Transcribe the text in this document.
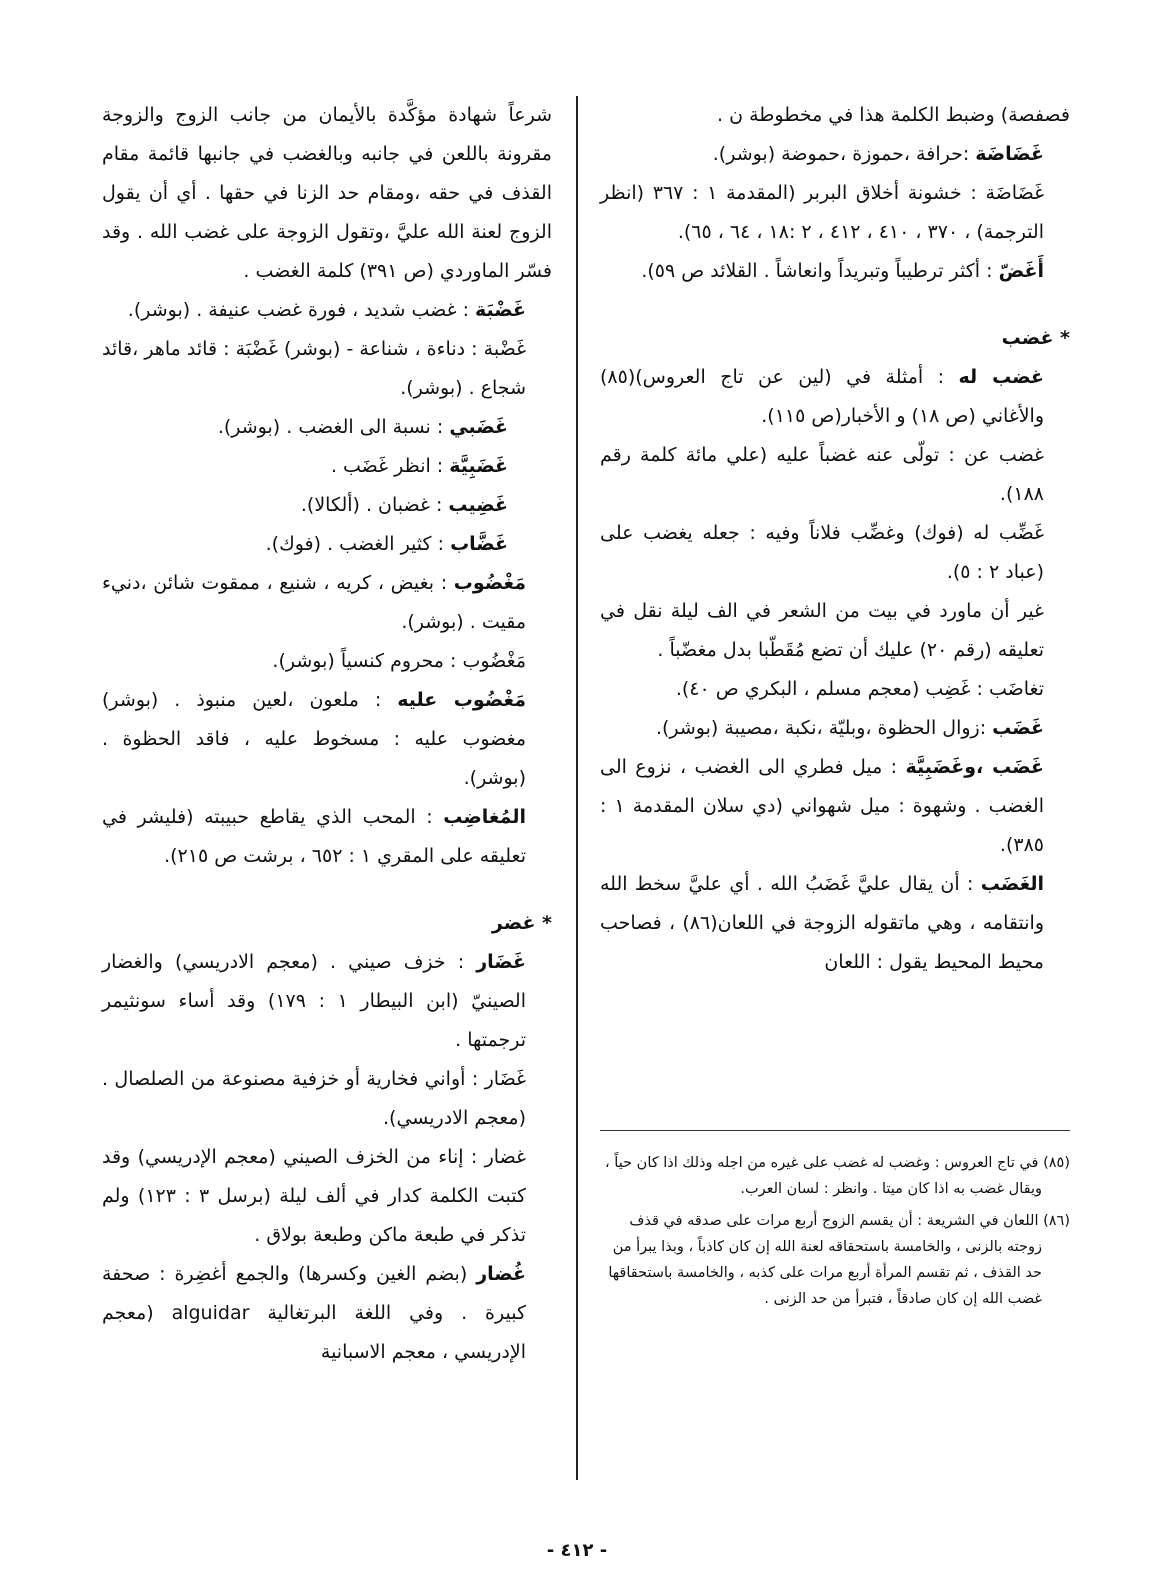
فصفصة) وضبط الكلمة هذا في مخطوطة ن .

غَضَاضَة :حرافة ،حموزة ،حموضة (بوشر).

غَضَاضَة : خشونة أخلاق البربر (المقدمة ١ : ٣٦٧ (انظر الترجمة) ، ٣٧٠ ، ٤١٠ ، ٤١٢ ، ٢ :١٨ ، ٦٤ ، ٦٥).

أَغَضّ : أكثر ترطيباً وتبريداً وانعاشاً . القلائد ص ٥٩).

* غضب

غضب له : أمثلة في (لين عن تاج العروس)(٨٥) والأغاني (ص ١٨) و الأخبار(ص ١١٥).

غضب عن : تولّى عنه غضباً عليه (علي مائة كلمة رقم ١٨٨).

غَضِّب له (فوك) وغضِّب فلاناً وفيه : جعله يغضب على (عباد ٢ : ٥).

غير أن ماورد في بيت من الشعر في الف ليلة نقل في تعليقه (رقم ٢٠) عليك أن تضع مُقَطّبا بدل مغضّباً .

تغاضَب : غَضِب (معجم مسلم ، البكري ص ٤٠).

غَضَب :زوال الحظوة ،وبليّة ،نكبة ،مصيبة (بوشر).

غَضَب ،وغَضَبِيَّة : ميل فطري الى الغضب ، نزوع الى الغضب . وشهوة : ميل شهواني (دي سلان المقدمة ١ : ٣٨٥).

الغَضَب : أن يقال عليَّ غَضَبُ الله . أي عليَّ سخط الله وانتقامه ، وهي ماتقوله الزوجة في اللعان(٨٦) ، فصاحب محيط المحيط يقول : اللعان

شرعاً شهادة مؤكَّدة بالأيمان من جانب الزوج والزوجة مقرونة باللعن في جانبه وبالغضب في جانبها قائمة مقام القذف في حقه ،ومقام حد الزنا في حقها . أي أن يقول الزوج لعنة الله عليَّ ،وتقول الزوجة على غضب الله . وقد فسّر الماوردي (ص ٣٩١) كلمة الغضب .

غَضْبَة : غضب شديد ، فورة غضب عنيفة . (بوشر).

غَضْبة : دناءة ، شناعة - (بوشر) غَضْبَة : قائد ماهر ،قائد شجاع . (بوشر).

غَضَبي : نسبة الى الغضب . (بوشر).

غَضَبِيَّة : انظر غَضَب .

غَضِيب : غضبان . (ألكالا).

غَضَّاب : كثير الغضب . (فوك).

مَغْضُوب : بغيض ، كريه ، شنيع ، ممقوت شائن ،دنيء مقيت . (بوشر).

مَغْضُوب : محروم كنسياً (بوشر).

مَغْضُوب عليه : ملعون ،لعين منبوذ . (بوشر) مغضوب عليه : مسخوط عليه ، فاقد الحظوة . (بوشر).

المُغاضِب : المحب الذي يقاطع حبيبته (فليشر في تعليقه على المقري ١ : ٦٥٢ ، برشت ص ٢١٥).

* غضر

غَضَار : خزف صيني . (معجم الادريسي) والغضار الصينيّ (ابن البيطار ١ : ١٧٩) وقد أساء سونثيمر ترجمتها .

غَضَار : أواني فخارية أو خزفية مصنوعة من الصلصال . (معجم الادريسي).

غضار : إناء من الخزف الصيني (معجم الإدريسي) وقد كتبت الكلمة كدار في ألف ليلة (برسل ٣ : ١٢٣) ولم تذكر في طبعة ماكن وطبعة بولاق .

غُضار (بضم الغين وكسرها) والجمع أغضِرة : صحفة كبيرة . وفي اللغة البرتغالية alguidar (معجم الإدريسي ، معجم الاسبانية

(٨٥) في تاج العروس : وغضب له غضب على غيره من اجله وذلك اذا كان حياً ، ويقال غضب به اذا كان ميتا . وانظر : لسان العرب.

(٨٦) اللعان في الشريعة : أن يقسم الزوج أربع مرات على صدقه في قذف زوجته بالزنى ، والخامسة باستحقاقه لعنة الله إن كان كاذباً ، وبذا يبرأ من حد القذف ، ثم تقسم المرأة أربع مرات على كذبه ، والخامسة باستحقاقها غضب الله إن كان صادقاً ، فتبرأ من حد الزنى .

- ٤١٢ -
